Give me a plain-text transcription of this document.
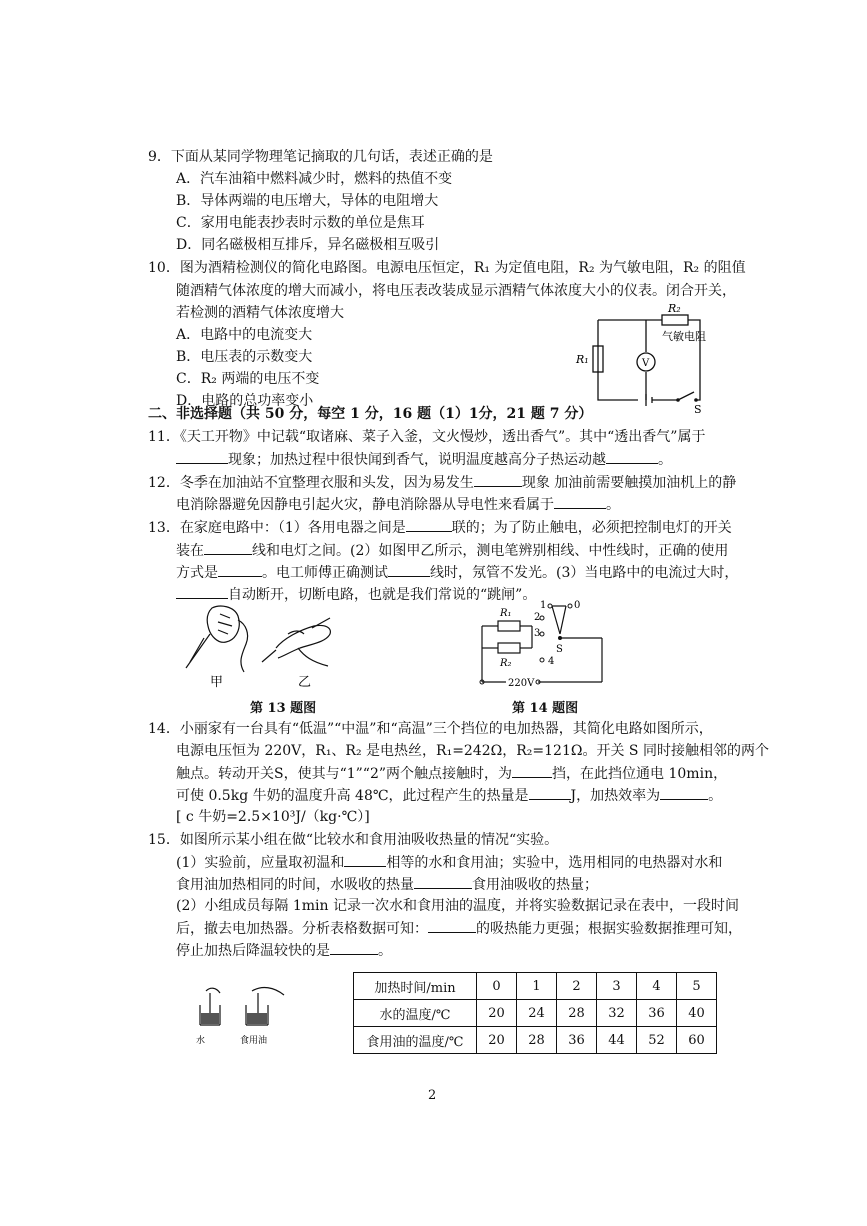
9．下面从某同学物理笔记摘取的几句话，表述正确的是
A．汽车油箱中燃料减少时，燃料的热值不变
B．导体两端的电压增大，导体的电阻增大
C．家用电能表抄表时示数的单位是焦耳
D．同名磁极相互排斥，异名磁极相互吸引
10．图为酒精检测仪的简化电路图。电源电压恒定，R₁ 为定值电阻，R₂ 为气敏电阻，R₂ 的阻值
随酒精气体浓度的增大而减小，将电压表改装成显示酒精气体浓度大小的仪表。闭合开关，
若检测的酒精气体浓度增大
A．电路中的电流变大
B．电压表的示数变大
C．R₂ 两端的电压不变
D．电路的总功率变小
R₂
气敏电阻
R₁	V
S
二、非选择题（共 50 分，每空 1 分，16 题（1）1分，21 题 7 分）
11．《天工开物》中记载“取诸麻、菜子入釜，文火慢炒，透出香气”。其中“透出香气”属于
现象；加热过程中很快闻到香气，说明温度越高分子热运动越	。
12．冬季在加油站不宜整理衣服和头发，因为易发生	现象 加油前需要触摸加油机上的静
电消除器避免因静电引起火灾，静电消除器从导电性来看属于	。
13．在家庭电路中：（1）各用电器之间是	联的；为了防止触电，必须把控制电灯的开关
装在	线和电灯之间。(2）如图甲乙所示，测电笔辨别相线、中性线时，正确的使用
方式是	。电工师傅正确测试	线时，氖管不发光。(3）当电路中的电流过大时，
自动断开，切断电路，也就是我们常说的“跳闸”。
甲	乙
第 13 题图
R₁
R₂
1
2
3
4
0
S
220V
第 14 题图
14．小丽家有一台具有“低温”“中温”和“高温”三个挡位的电加热器，其简化电路如图所示，
电源电压恒为 220V，R₁、R₂ 是电热丝，R₁=242Ω，R₂=121Ω。开关 S 同时接触相邻的两个
触点。转动开关S，使其与“1”“2”两个触点接触时，为	挡，在此挡位通电 10min，
可使 0.5kg 牛奶的温度升高 48℃，此过程产生的热量是	J，加热效率为	。
[ c 牛奶=2.5×10³J/（kg·℃）]
15．如图所示某小组在做“比较水和食用油吸收热量的情况“实验。
(1）实验前，应量取初温和	相等的水和食用油；实验中，选用相同的电热器对水和
食用油加热相同的时间，水吸收的热量	食用油吸收的热量；
(2）小组成员每隔 1min 记录一次水和食用油的温度，并将实验数据记录在表中，一段时间
后，撤去电加热器。分析表格数据可知：	的吸热能力更强；根据实验数据推理可知，
停止加热后降温较快的是	。
水	食用油
加热时间/min	0	1	2	3	4	5
水的温度/℃	20	24	28	32	36	40
食用油的温度/℃	20	28	36	44	52	60
2
